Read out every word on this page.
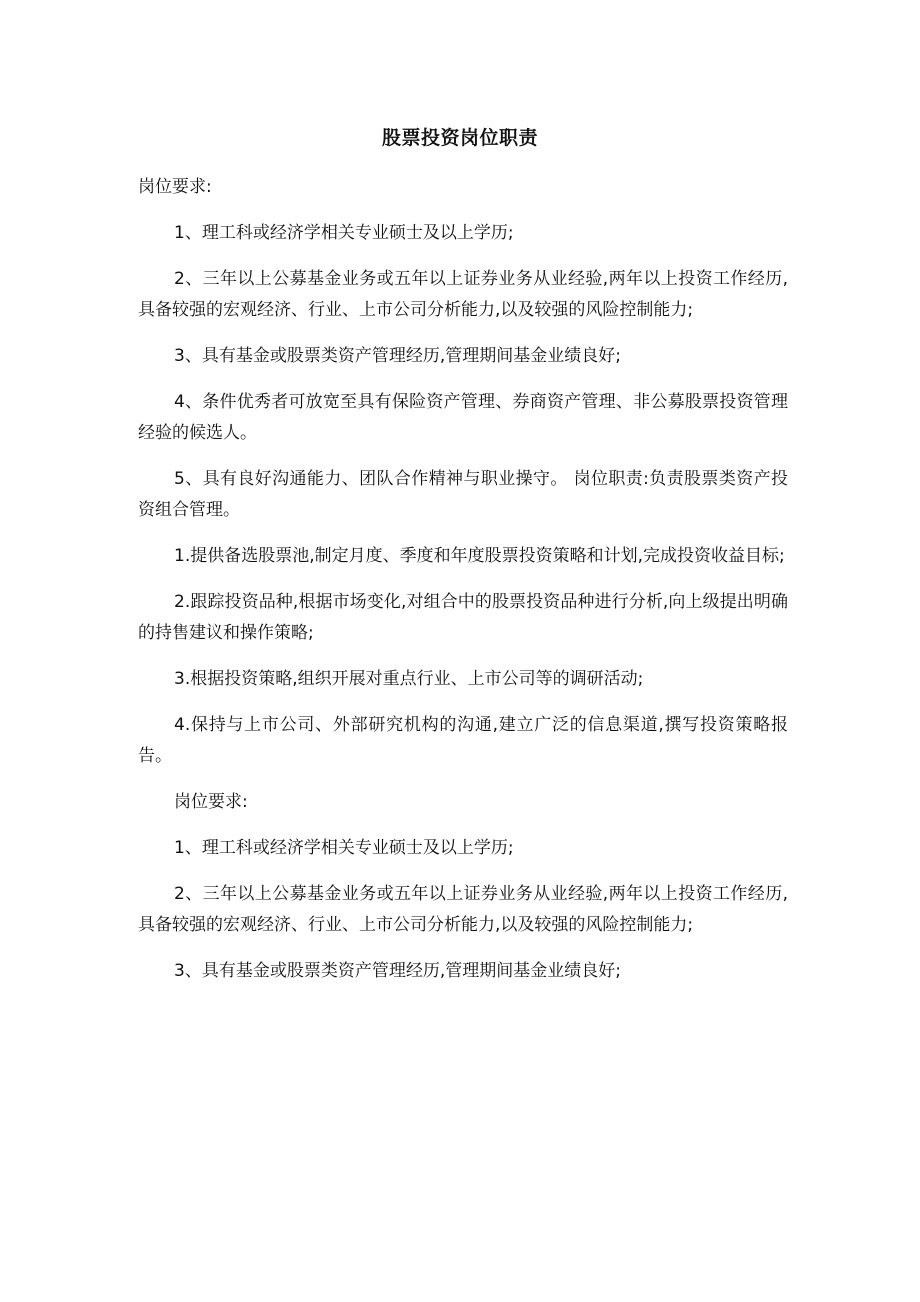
股票投资岗位职责

岗位要求:

1、理工科或经济学相关专业硕士及以上学历;

2、三年以上公募基金业务或五年以上证券业务从业经验,两年以上投资工作经历,具备较强的宏观经济、行业、上市公司分析能力,以及较强的风险控制能力;

3、具有基金或股票类资产管理经历,管理期间基金业绩良好;

4、条件优秀者可放宽至具有保险资产管理、券商资产管理、非公募股票投资管理经验的候选人。

5、具有良好沟通能力、团队合作精神与职业操守。 岗位职责:负责股票类资产投资组合管理。

1.提供备选股票池,制定月度、季度和年度股票投资策略和计划,完成投资收益目标;

2.跟踪投资品种,根据市场变化,对组合中的股票投资品种进行分析,向上级提出明确的持售建议和操作策略;

3.根据投资策略,组织开展对重点行业、上市公司等的调研活动;

4.保持与上市公司、外部研究机构的沟通,建立广泛的信息渠道,撰写投资策略报告。

岗位要求:

1、理工科或经济学相关专业硕士及以上学历;

2、三年以上公募基金业务或五年以上证券业务从业经验,两年以上投资工作经历,具备较强的宏观经济、行业、上市公司分析能力,以及较强的风险控制能力;

3、具有基金或股票类资产管理经历,管理期间基金业绩良好;
